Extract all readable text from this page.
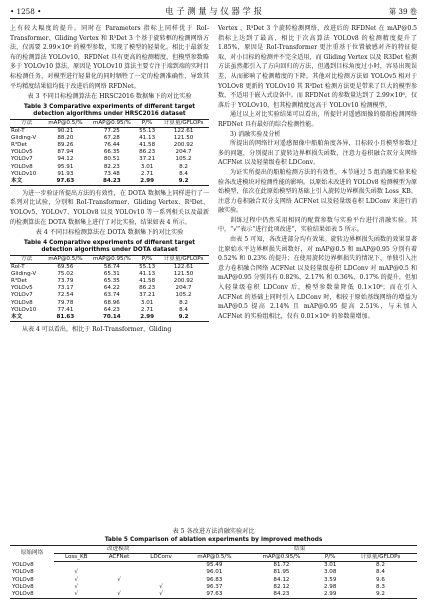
• 1258 •	电 子 测 量 与 仪 器 学 报	第 39 卷

上有较大幅度的提升。同时在 Parameters 指标上同样优于 RoI-Transformer、Gliding Vertex 和 R³Det 3 个基于旋转框的检测网络方法，仅需要 2.99×10⁶ 的模型参数，实现了模型的轻量化。相比于最新发布的检测算法 YOLOv10，RFDNet 具有更高的检测精度，但模型参数略多于 YOLOv10 算法，原因是 YOLOv10 算法主要专注于端到端的实时目标检测任务，对模型进行轻量化的同时牺牲了一定的检测准确性，导致其平均精度结果值均低于改进后的网络 RFDNet。

表 3 不同目标检测算法在 HRSC2016 数据集下的对比实验
Table 3 Comparative experiments of different target detection algorithms under HRSC2016 dataset
方法	mAP@0.5/%	mAP@0.95/%	P/%	计算量/GFLOPs
RoI-T	90.21	77.25	55.13	122.61
Gliding-V	88.20	67.28	41.13	121.50
R³Det	89.26	76.44	41.58	200.92
YOLOv5	87.94	66.35	86.23	204.7
YOLOv7	94.12	80.51	37.21	105.2
YOLOv8	95.91	82.23	3.01	8.2
YOLOv10	91.93	73.48	2.71	8.4
本文	97.63	84.23	2.99	9.2

为进一步验证所提出方法的有效性，在 DOTA 数据集上同样进行了一系列对比试验，分别和 RoI-Transformer、Gliding Vertex、R³Det、YOLOv5、YOLOv7、YOLOv8 以及 YOLOv10 等一系列相关以及最新的检测算法在 DOTA 数据集上进行了对比实验，结果如表 4 所示。

表 4 不同目标检测算法在 DOTA 数据集下的对比实验
Table 4 Comparative experiments of different target detection algorithms under DOTA dataset
方法	mAP@0.5/%	mAP@0.95/%	P/%	计算量/GFLOPs
RoI-T	69.56	58.74	55.13	122.61
Gliding-V	75.02	65.31	41.13	121.50
R³Det	73.79	65.35	41.58	200.92
YOLOv5	73.17	64.22	86.23	204.7
YOLOv7	72.54	63.74	37.21	105.2
YOLOv8	79.78	68.96	3.01	8.2
YOLOv10	77.41	64.23	2.71	8.4
本文	81.63	70.14	2.99	9.2

从表 4 可以看出，相比于 RoI-Transformer、Gliding

Vertex 、R³Det 3 个旋转检测网络，改进后的 RFDNet 在 mAP@0.5 指标上达到了最高，相比于次高算法 YOLOv8 的检测精度提升了 1.85%，原因是 RoI-Transformer 更注重基于位置敏感对齐的特征提取，对小目标的检测并不完全适用，而 Gliding Vertex 以及 R3Det 检测方法虽然都引入了方向回归的方法，但遇到目标角度过小时，容易出现误差，从而影响了检测精度的下降。其他对比检测方法如 YOLOv5 相对于 YOLOv8 更新的 YOLOv10 其 R³Det 检测方法更是带来了巨大的模型参数，不适用于嵌入式设备中。而 RFDNet 的参数量达到了 2.99×10⁶，仅落后于 YOLOv10，但其检测精度远高于 YOLOv10 检测模型。

通过以上对比实验结果可以看出，所提针对遥感图像的船舶检测网络 RFDNet 具有最好的综合检测性能。

3) 消融实验及分析

所提出的网络针对遥感图像中船舶角度各异，目标较小且模型参数过多的问题，分别提出了旋转边界框损失函数，注意力卷积融合双分支网络 ACFNet 以及轻量级卷积 LDConv。

为证实所提出的船舶检测方法的有效性，本节通过 5 组消融实验来检验各改进模块对检测性能的影响。以原始未改进的 YOLOv8 检测模型为原始模型，依次在此原始模型的基础上引入旋转边界框损失函数 Loss_KB，注意力卷积融合双分支网络 ACFNet 以及轻量级卷积 LDConv 来进行消融实验。

训练过程中仍然采用相同的配置参数与实验平台进行消融实验。其中，“√”表示“进行此项改进”，实验结果如表 5 所示。

由表 5 可知，各改进部分均有效果。旋转边界框损失函数的效果显著比原始水平边界框损失函数好，对 mAP@0.5 和 mAP@0.95 分别有着 0.52% 和 0.23% 的提升；在使用旋转边界框损失的情况下，单独引入注意力卷积融合网络 ACFNet 以及轻量级卷积 LDConv 对 mAP@0.5 和 mAP@0.95 分别具有 0.82%、2.17% 和 0.36%、0.17% 的提升，但加入轻量级卷积 LDConv 后，模型参数量降低 0.1×10⁶；而在引入 ACFNet 的基础上同时引入 LDConv 时，相较于原始基线网络的增益为 mAP@0.5 提高 2.14% 且 mAP@0.95 提高 2.51%，与未加入 ACFNet 的实验组相比，仅有 0.01×10⁶ 的参数量增加。

表 5 各改进方法消融实验对比
Table 5 Comparison of ablation experiments by improved methods
原始网络	改进模块			结果			
	Loss_KB	ACFNet	LDConv	mAP@0.5/%	mAP@0.95/%	P/%	计算量/GFLOPs
YOLOv8				95.49	81.72	3.01	8.2
YOLOv8	√			96.01	81.95	3.08	8.4
YOLOv8	√	√		96.83	84.12	3.59	9.6
YOLOv8	√		√	96.37	82.12	2.98	8.3
YOLOv8	√	√	√	97.63	84.23	2.99	9.2
